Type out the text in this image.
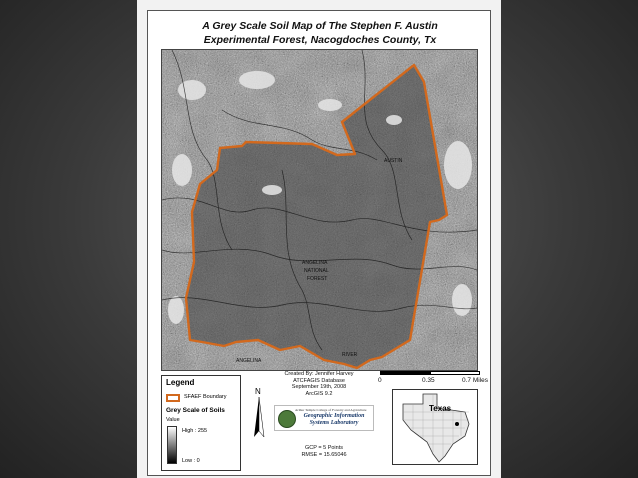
A Grey Scale Soil Map of The Stephen F. Austin
Experimental Forest, Nacogdoches County, Tx
ANGELINA
NATIONAL
FOREST
ANGELINA
AUSTIN
RIVER
Legend
SFAEF Boundary
Grey Scale of Soils
Value
High : 255
Low : 0
N
Created By: Jennifer Harvey
ATCFAGIS Database
September 19th, 2008
ArcGIS 9.2
Arthur Temple College of Forestry and Agriculture
Geographic Information Systems Laboratory
GCP = 5 Points
RMSE = 15.65046
0	0.35	0.7 Miles
Texas
